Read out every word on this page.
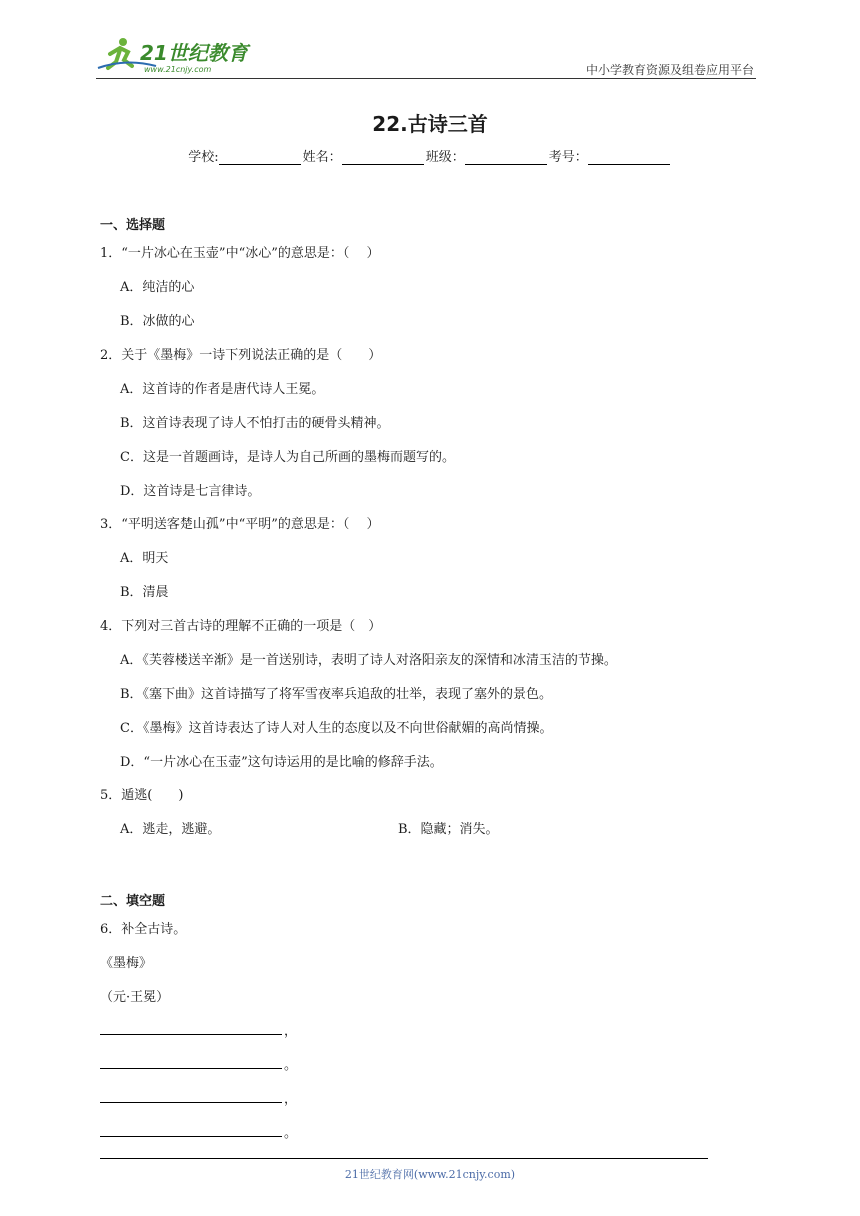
21世纪教育
www.21cnjy.com	中小学教育资源及组卷应用平台
22.古诗三首
学校:	姓名：	班级：	考号：
一、选择题
1．“一片冰心在玉壶”中“冰心”的意思是：（　 ）
A．纯洁的心
B．冰做的心
2．关于《墨梅》一诗下列说法正确的是（　　）
A．这首诗的作者是唐代诗人王冕。
B．这首诗表现了诗人不怕打击的硬骨头精神。
C．这是一首题画诗，是诗人为自己所画的墨梅而题写的。
D．这首诗是七言律诗。
3．“平明送客楚山孤”中“平明”的意思是：（　 ）
A．明天
B．清晨
4．下列对三首古诗的理解不正确的一项是（　）
A．《芙蓉楼送辛渐》是一首送别诗，表明了诗人对洛阳亲友的深情和冰清玉洁的节操。
B．《塞下曲》这首诗描写了将军雪夜率兵追敌的壮举，表现了塞外的景色。
C．《墨梅》这首诗表达了诗人对人生的态度以及不向世俗献媚的高尚情操。
D．“一片冰心在玉壶”这句诗运用的是比喻的修辞手法。
5．遁逃(　　)
A．逃走，逃避。	B．隐藏；消失。
二、填空题
6．补全古诗。
《墨梅》
（元·王冕）
，
。
，
。
21世纪教育网(www.21cnjy.com)
